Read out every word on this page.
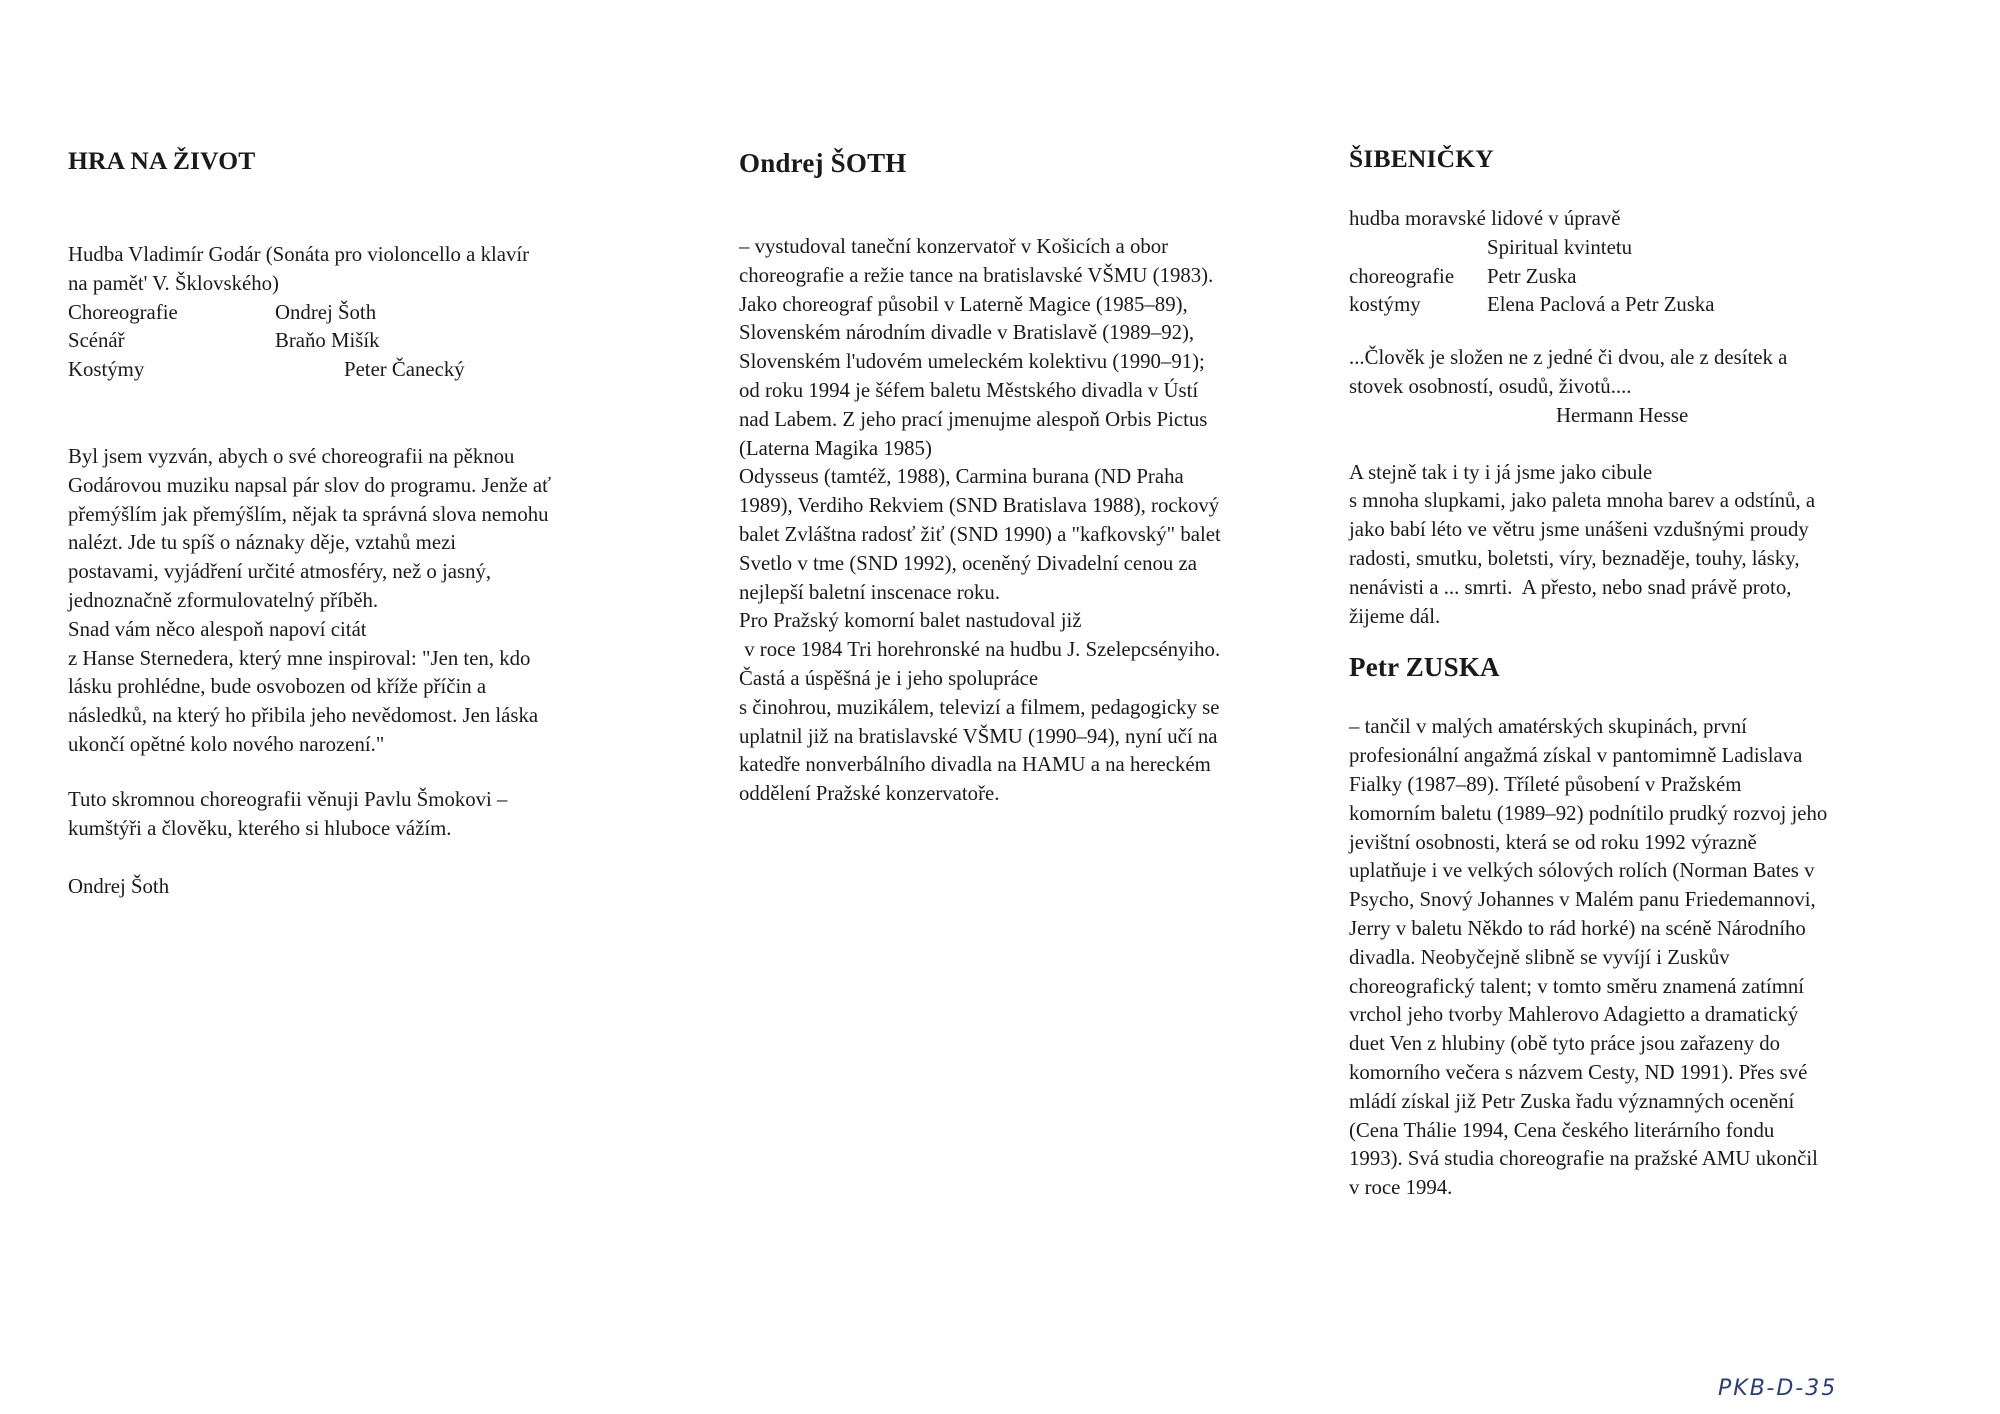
HRA NA ŽIVOT
Hudba Vladimír Godár (Sonáta pro violoncello a klavír
na pamět' V. Šklovského)
Choreografie	Ondrej Šoth
Scénář	Braňo Mišík
Kostýmy	Peter Čanecký
Byl jsem vyzván, abych o své choreografii na pěknou
Godárovou muziku napsal pár slov do programu. Jenže ať
přemýšlím jak přemýšlím, nějak ta správná slova nemohu
nalézt. Jde tu spíš o náznaky děje, vztahů mezi
postavami, vyjádření určité atmosféry, než o jasný,
jednoznačně zformulovatelný příběh.
Snad vám něco alespoň napoví citát
z Hanse Sternedera, který mne inspiroval: "Jen ten, kdo
lásku prohlédne, bude osvobozen od kříže příčin a
následků, na který ho přibila jeho nevědomost. Jen láska
ukončí opětné kolo nového narození."
Tuto skromnou choreografii věnuji Pavlu Šmokovi –
kumštýři a člověku, kterého si hluboce vážím.
Ondrej Šoth
Ondrej ŠOTH
– vystudoval taneční konzervatoř v Košicích a obor
choreografie a režie tance na bratislavské VŠMU (1983).
Jako choreograf působil v Laterně Magice (1985–89),
Slovenském národním divadle v Bratislavě (1989–92),
Slovenském l'udovém umeleckém kolektivu (1990–91);
od roku 1994 je šéfem baletu Městského divadla v Ústí
nad Labem. Z jeho prací jmenujme alespoň Orbis Pictus
(Laterna Magika 1985)
Odysseus (tamtéž, 1988), Carmina burana (ND Praha
1989), Verdiho Rekviem (SND Bratislava 1988), rockový
balet Zvláštna radosť žiť (SND 1990) a "kafkovský" balet
Svetlo v tme (SND 1992), oceněný Divadelní cenou za
nejlepší baletní inscenace roku.
Pro Pražský komorní balet nastudoval již
v roce 1984 Tri horehronské na hudbu J. Szelepcsényiho.
Častá a úspěšná je i jeho spolupráce
s činohrou, muzikálem, televizí a filmem, pedagogicky se
uplatnil již na bratislavské VŠMU (1990–94), nyní učí na
katedře nonverbálního divadla na HAMU a na hereckém
oddělení Pražské konzervatoře.
ŠIBENIČKY
hudba moravské lidové v úpravě
Spiritual kvintetu
choreografie	Petr Zuska
kostýmy	Elena Paclová a Petr Zuska
...Člověk je složen ne z jedné či dvou, ale z desítek a
stovek osobností, osudů, životů....
Hermann Hesse
A stejně tak i ty i já jsme jako cibule
s mnoha slupkami, jako paleta mnoha barev a odstínů, a
jako babí léto ve větru jsme unášeni vzdušnými proudy
radosti, smutku, boletsti, víry, beznaděje, touhy, lásky,
nenávisti a ... smrti.  A přesto, nebo snad právě proto,
žijeme dál.
Petr ZUSKA
– tančil v malých amatérských skupinách, první
profesionální angažmá získal v pantomimně Ladislava
Fialky (1987–89). Tříleté působení v Pražském
komorním baletu (1989–92) podnítilo prudký rozvoj jeho
jevištní osobnosti, která se od roku 1992 výrazně
uplatňuje i ve velkých sólových rolích (Norman Bates v
Psycho, Snový Johannes v Malém panu Friedemannovi,
Jerry v baletu Někdo to rád horké) na scéně Národního
divadla. Neobyčejně slibně se vyvíjí i Zuskův
choreografický talent; v tomto směru znamená zatímní
vrchol jeho tvorby Mahlerovo Adagietto a dramatický
duet Ven z hlubiny (obě tyto práce jsou zařazeny do
komorního večera s názvem Cesty, ND 1991). Přes své
mládí získal již Petr Zuska řadu významných ocenění
(Cena Thálie 1994, Cena českého literárního fondu
1993). Svá studia choreografie na pražské AMU ukončil
v roce 1994.
PKB-D-35
